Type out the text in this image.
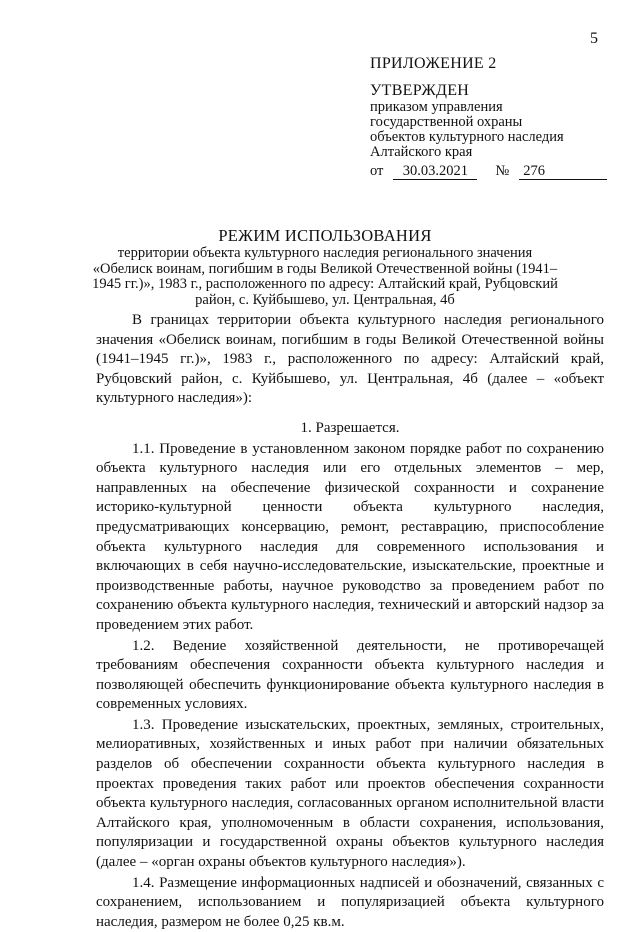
5
ПРИЛОЖЕНИЕ 2
УТВЕРЖДЕН
приказом управления
государственной охраны
объектов культурного наследия
Алтайского края
от 30.03.2021 № 276
РЕЖИМ ИСПОЛЬЗОВАНИЯ

территории объекта культурного наследия регионального значения «Обелиск воинам, погибшим в годы Великой Отечественной войны (1941–1945 гг.)», 1983 г., расположенного по адресу: Алтайский край, Рубцовский район, с. Куйбышево, ул. Центральная, 4б

В границах территории объекта культурного наследия регионального значения «Обелиск воинам, погибшим в годы Великой Отечественной войны (1941–1945 гг.)», 1983 г., расположенного по адресу: Алтайский край, Рубцовский район, с. Куйбышево, ул. Центральная, 4б (далее – «объект культурного наследия»):

1. Разрешается.

1.1. Проведение в установленном законом порядке работ по сохранению объекта культурного наследия или его отдельных элементов – мер, направленных на обеспечение физической сохранности и сохранение историко-культурной ценности объекта культурного наследия, предусматривающих консервацию, ремонт, реставрацию, приспособление объекта культурного наследия для современного использования и включающих в себя научно-исследовательские, изыскательские, проектные и производственные работы, научное руководство за проведением работ по сохранению объекта культурного наследия, технический и авторский надзор за проведением этих работ.

1.2. Ведение хозяйственной деятельности, не противоречащей требованиям обеспечения сохранности объекта культурного наследия и позволяющей обеспечить функционирование объекта культурного наследия в современных условиях.

1.3. Проведение изыскательских, проектных, земляных, строительных, мелиоративных, хозяйственных и иных работ при наличии обязательных разделов об обеспечении сохранности объекта культурного наследия в проектах проведения таких работ или проектов обеспечения сохранности объекта культурного наследия, согласованных органом исполнительной власти Алтайского края, уполномоченным в области сохранения, использования, популяризации и государственной охраны объектов культурного наследия (далее – «орган охраны объектов культурного наследия»).

1.4. Размещение информационных надписей и обозначений, связанных с сохранением, использованием и популяризацией объекта культурного наследия, размером не более 0,25 кв.м.
